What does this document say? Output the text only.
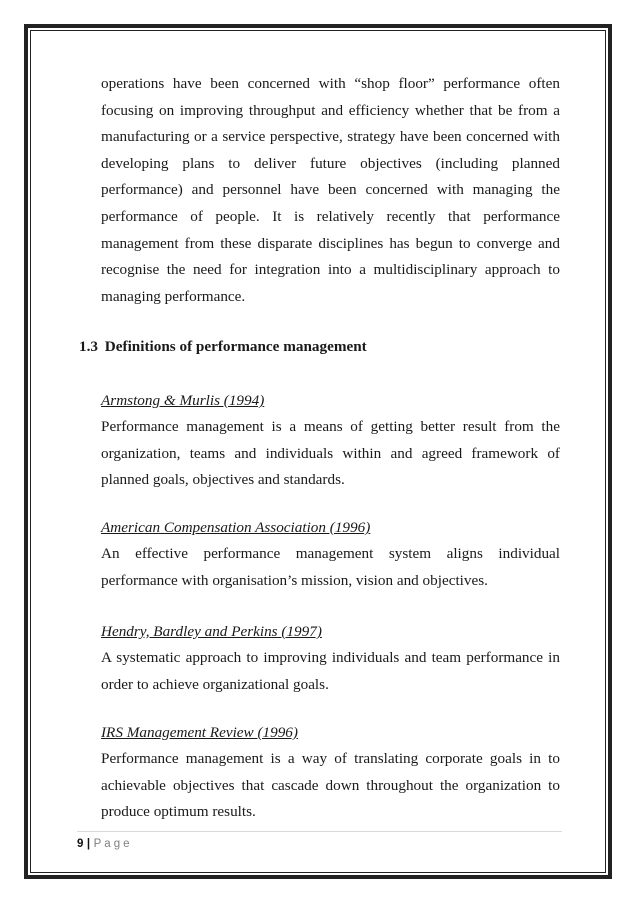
operations have been concerned with “shop floor” performance often focusing on improving throughput and efficiency whether that be from a manufacturing or a service perspective, strategy have been concerned with developing plans to deliver future objectives (including planned performance) and personnel have been concerned with managing the performance of people. It is relatively recently that performance management from these disparate disciplines has begun to converge and recognise the need for integration into a multidisciplinary approach to managing performance.

1.3 Definitions of performance management

Armstong & Murlis (1994)

Performance management is a means of getting better result from the organization, teams and individuals within and agreed framework of planned goals, objectives and standards.

American Compensation Association (1996)

An effective performance management system aligns individual performance with organisation’s mission, vision and objectives.

Hendry, Bardley and Perkins (1997)

A systematic approach to improving individuals and team performance in order to achieve organizational goals.

IRS Management Review (1996)

Performance management is a way of translating corporate goals in to achievable objectives that cascade down throughout the organization to produce optimum results.

9 | Page
